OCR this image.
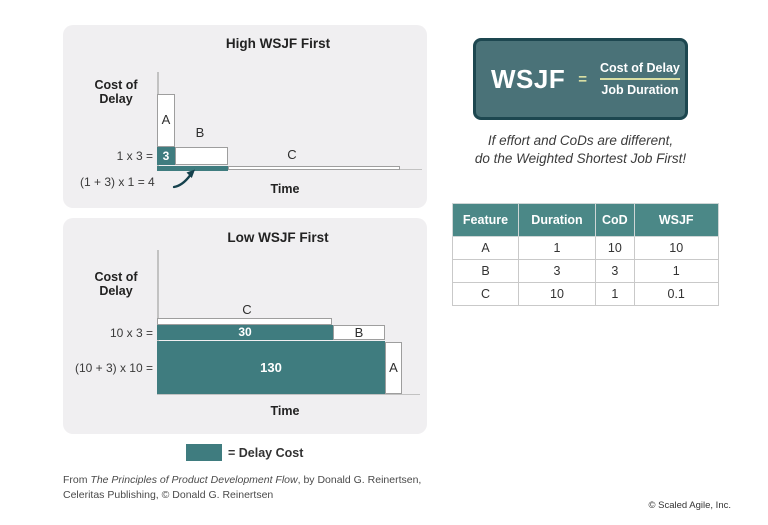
High WSJF First
Cost of
Delay
3
A
B
C
1 x 3 =
(1 + 3) x 1 = 4	Time
Low WSJF First
Cost of
Delay
30	B
130	A
C
10 x 3 =
(10 + 3) x 10 =
Time
WSJF = $\frac{\text{Cost of Delay}}{\text{Job Duration}}$
If effort and CoDs are different,
do the Weighted Shortest Job First!
Feature	Duration	CoD	WSJF
A	1	10	10
B	3	3	1
C	10	1	0.1
= Delay Cost
From The Principles of Product Development Flow, by Donald G. Reinertsen, Celeritas Publishing, © Donald G. Reinertsen
© Scaled Agile, Inc.
